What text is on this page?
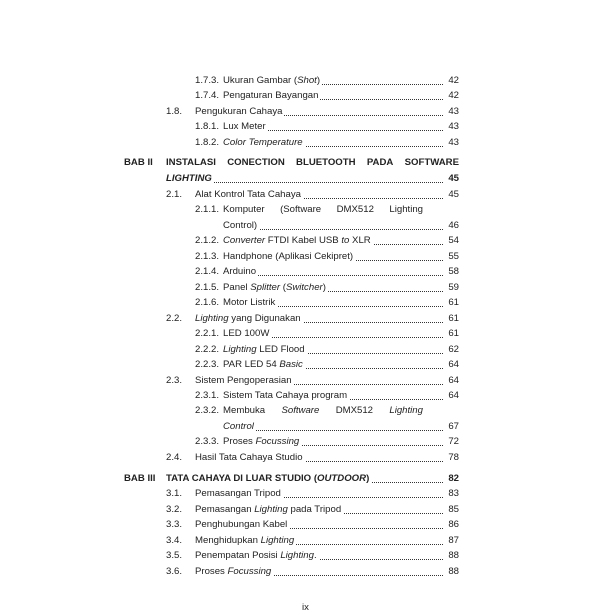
1.7.3. Ukuran Gambar (Shot)	42
1.7.4. Pengaturan Bayangan	42
1.8. Pengukuran Cahaya	43
1.8.1. Lux Meter	43
1.8.2. Color Temperature	43
BAB II INSTALASI CONECTION BLUETOOTH PADA SOFTWARE
LIGHTING	45
2.1. Alat Kontrol Tata Cahaya	45
2.1.1. Komputer (Software DMX512 Lighting
Control)	46
2.1.2. Converter FTDI Kabel USB to XLR	54
2.1.3. Handphone (Aplikasi Cekipret)	55
2.1.4. Arduino	58
2.1.5. Panel Splitter (Switcher)	59
2.1.6. Motor Listrik	61
2.2. Lighting yang Digunakan	61
2.2.1. LED 100W	61
2.2.2. Lighting LED Flood	62
2.2.3. PAR LED 54 Basic	64
2.3. Sistem Pengoperasian	64
2.3.1. Sistem Tata Cahaya program	64
2.3.2. Membuka Software DMX512 Lighting
Control	67
2.3.3. Proses Focussing	72
2.4. Hasil Tata Cahaya Studio	78
BAB III TATA CAHAYA DI LUAR STUDIO (OUTDOOR)	82
3.1. Pemasangan Tripod	83
3.2. Pemasangan Lighting pada Tripod	85
3.3. Penghubungan Kabel	86
3.4. Menghidupkan Lighting	87
3.5. Penempatan Posisi Lighting.	88
3.6. Proses Focussing	88
ix
